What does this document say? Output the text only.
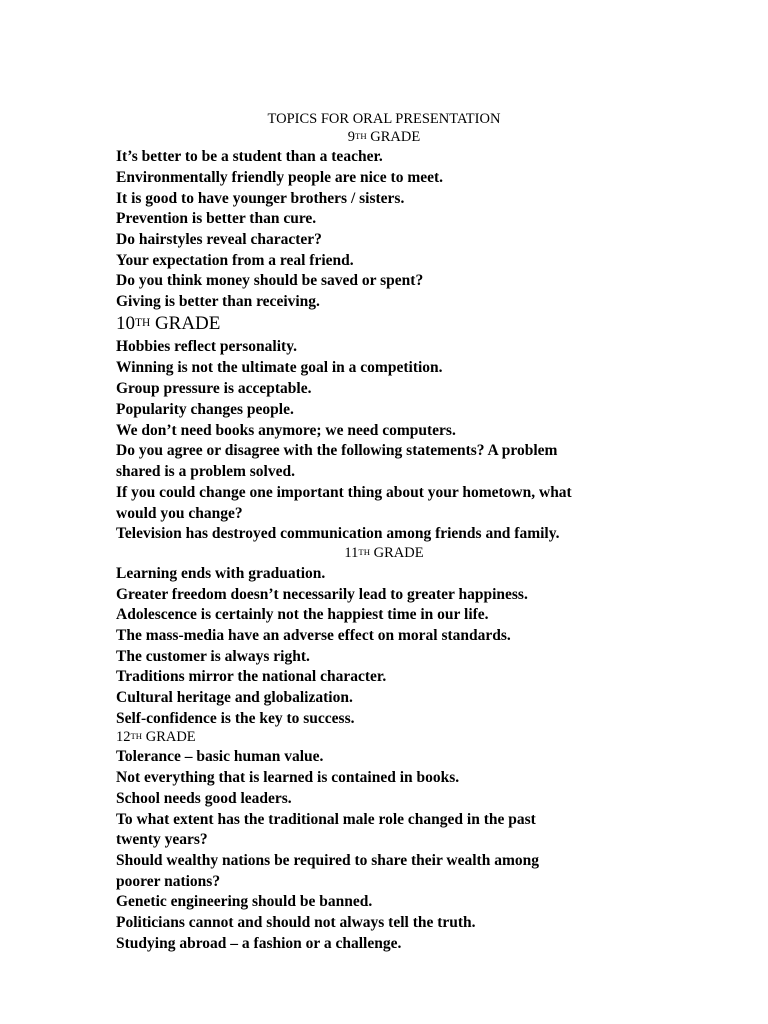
TOPICS FOR ORAL PRESENTATION
9TH GRADE
It’s better to be a student than a teacher.
Environmentally friendly people are nice to meet.
It is good to have younger brothers / sisters.
Prevention is better than cure.
Do hairstyles reveal character?
Your expectation from a real friend.
Do you think money should be saved or spent?
Giving is better than receiving.
10TH GRADE
Hobbies reflect personality.
Winning is not the ultimate goal in a competition.
Group pressure is acceptable.
Popularity changes people.
We don’t need books anymore; we need computers.
Do you agree or disagree with the following statements? A problem
shared is a problem solved.
If you could change one important thing about your hometown, what
would you change?
Television has destroyed communication among friends and family.
11TH GRADE
Learning ends with graduation.
Greater freedom doesn’t necessarily lead to greater happiness.
Adolescence is certainly not the happiest time in our life.
The mass-media have an adverse effect on moral standards.
The customer is always right.
Traditions mirror the national character.
Cultural heritage and globalization.
Self-confidence is the key to success.
12TH GRADE
Tolerance – basic human value.
Not everything that is learned is contained in books.
School needs good leaders.
To what extent has the traditional male role changed in the past
twenty years?
Should wealthy nations be required to share their wealth among
poorer nations?
Genetic engineering should be banned.
Politicians cannot and should not always tell the truth.
Studying abroad – a fashion or a challenge.
